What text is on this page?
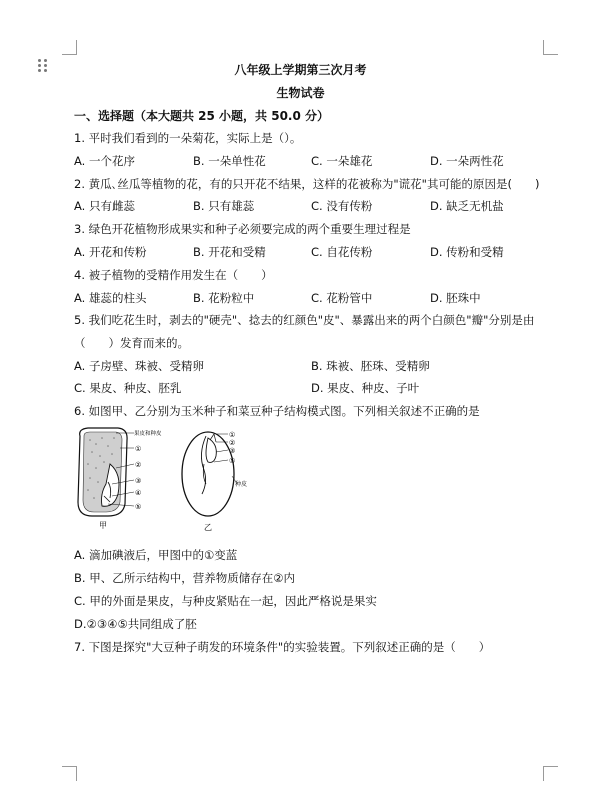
八年级上学期第三次月考
生物试卷
一、选择题（本大题共 25 小题，共 50.0 分）
1. 平时我们看到的一朵菊花，实际上是（）。
A. 一个花序	B. 一朵单性花	C. 一朵雄花	D. 一朵两性花
2. 黄瓜､丝瓜等植物的花，有的只开花不结果，这样的花被称为"谎花"其可能的原因是(　　)
A. 只有雌蕊	B. 只有雄蕊	C. 没有传粉	D. 缺乏无机盐
3. 绿色开花植物形成果实和种子必须要完成的两个重要生理过程是
A. 开花和传粉	B. 开花和受精	C. 自花传粉	D. 传粉和受精
4. 被子植物的受精作用发生在（　　）
A. 雄蕊的柱头	B. 花粉粒中	C. 花粉管中	D. 胚珠中
5. 我们吃花生时，剥去的"硬壳"、捻去的红颜色"皮"、暴露出来的两个白颜色"瓣"分别是由
（　　）发育而来的。
A. 子房壁、珠被、受精卵	B. 珠被、胚珠、受精卵
C. 果皮、种皮、胚乳	D. 果皮、种皮、子叶
6. 如图甲、乙分别为玉米种子和菜豆种子结构模式图。下列相关叙述不正确的是
果皮和种皮
①
②
③
④
⑤
甲
①
②
③
⑤
种皮
乙
A. 滴加碘液后，甲图中的①变蓝
B. 甲、乙所示结构中，营养物质储存在②内
C. 甲的外面是果皮，与种皮紧贴在一起，因此严格说是果实
D.②③④⑤共同组成了胚
7. 下图是探究"大豆种子萌发的环境条件"的实验装置。下列叙述正确的是（　　）
